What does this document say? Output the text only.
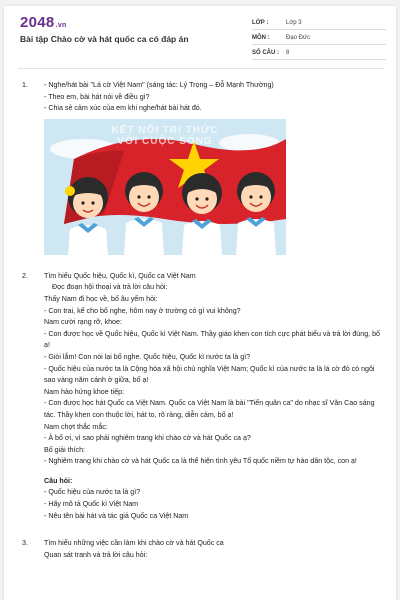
2048.vn
Bài tập Chào cờ và hát quốc ca có đáp án
LỚP :	Lớp 3
MÔN :	Đạo Đức
SỐ CÂU :	8
1. - Nghe/hát bài "Lá cờ Việt Nam" (sáng tác: Lý Trọng – Đỗ Mạnh Thường)
- Theo em, bài hát nói về điều gì?
- Chia sẻ cảm xúc của em khi nghe/hát bài hát đó.
KẾT NỐI TRI THỨC
VỚI CUỘC SỐNG
2. Tìm hiểu Quốc hiệu, Quốc kì, Quốc ca Việt Nam
Đọc đoạn hội thoại và trả lời câu hỏi:
Thấy Nam đi học về, bố âu yếm hỏi:
- Con trai, kể cho bố nghe, hôm nay ở trường có gì vui không?
Nam cười rạng rỡ, khoe:
- Con được học về Quốc hiệu, Quốc kì Việt Nam. Thầy giáo khen con tích cực phát biểu và trả lời đúng, bố ạ!
- Giỏi lắm! Con nói lại bố nghe. Quốc hiệu, Quốc kì nước ta là gì?
- Quốc hiệu của nước ta là Cộng hòa xã hội chủ nghĩa Việt Nam; Quốc kì của nước ta là lá cờ đỏ có ngôi sao vàng năm cánh ở giữa, bố ạ!
Nam hào hứng khoe tiếp:
- Con được học hát Quốc ca Việt Nam. Quốc ca Việt Nam là bài "Tiến quân ca" do nhạc sĩ Văn Cao sáng tác. Thầy khen con thuộc lời, hát to, rõ ràng, diễn cảm, bố ạ!
Nam chợt thắc mắc:
- À bố ơi, vì sao phải nghiêm trang khi chào cờ và hát Quốc ca ạ?
Bố giải thích:
- Nghiêm trang khi chào cờ và hát Quốc ca là thể hiện tình yêu Tổ quốc niềm tự hào dân tộc, con ạ!
Câu hỏi:
- Quốc hiệu của nước ta là gì?
- Hãy mô tả Quốc kì Việt Nam
- Nêu tên bài hát và tác giả Quốc ca Việt Nam
3. Tìm hiểu những việc cần làm khi chào cờ và hát Quốc ca
Quan sát tranh và trả lời câu hỏi:
